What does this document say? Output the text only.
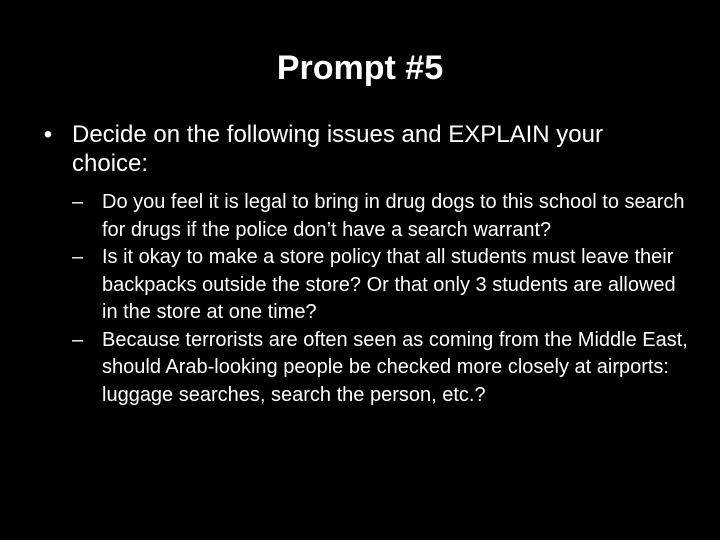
Prompt #5
• Decide on the following issues and EXPLAIN your choice:
– Do you feel it is legal to bring in drug dogs to this school to search for drugs if the police don’t have a search warrant?
– Is it okay to make a store policy that all students must leave their backpacks outside the store? Or that only 3 students are allowed in the store at one time?
– Because terrorists are often seen as coming from the Middle East, should Arab-looking people be checked more closely at airports: luggage searches, search the person, etc.?
